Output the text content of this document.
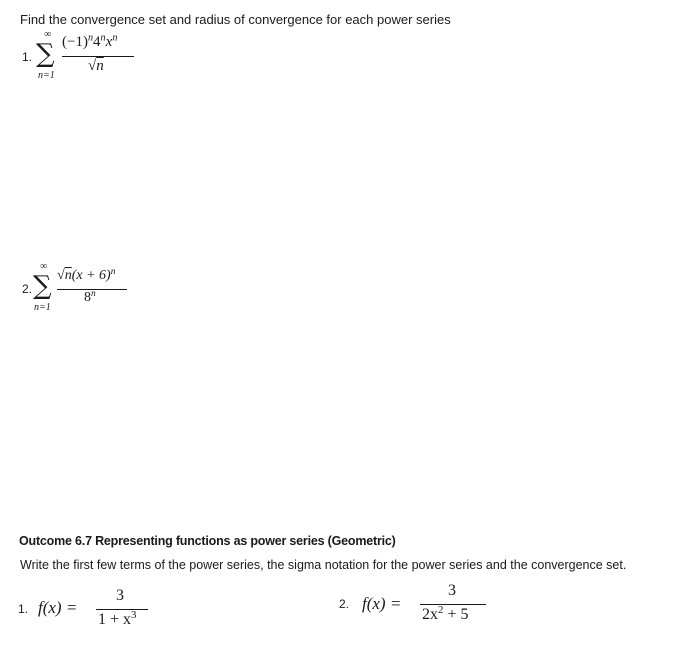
Find the convergence set and radius of convergence for each power series
1.
∞
∑
n=1
$(-1)^n4^nx^n$
√n
2.
∞
∑
n=1
$√n(x + 6)^n$
8$^n$
Outcome 6.7 Representing functions as power series (Geometric)
Write the first few terms of the power series, the sigma notation for the power series and the convergence set.
1. f(x) =
3
$1 + x^3$
2. f(x) =
3
$2x^2 + 5$
